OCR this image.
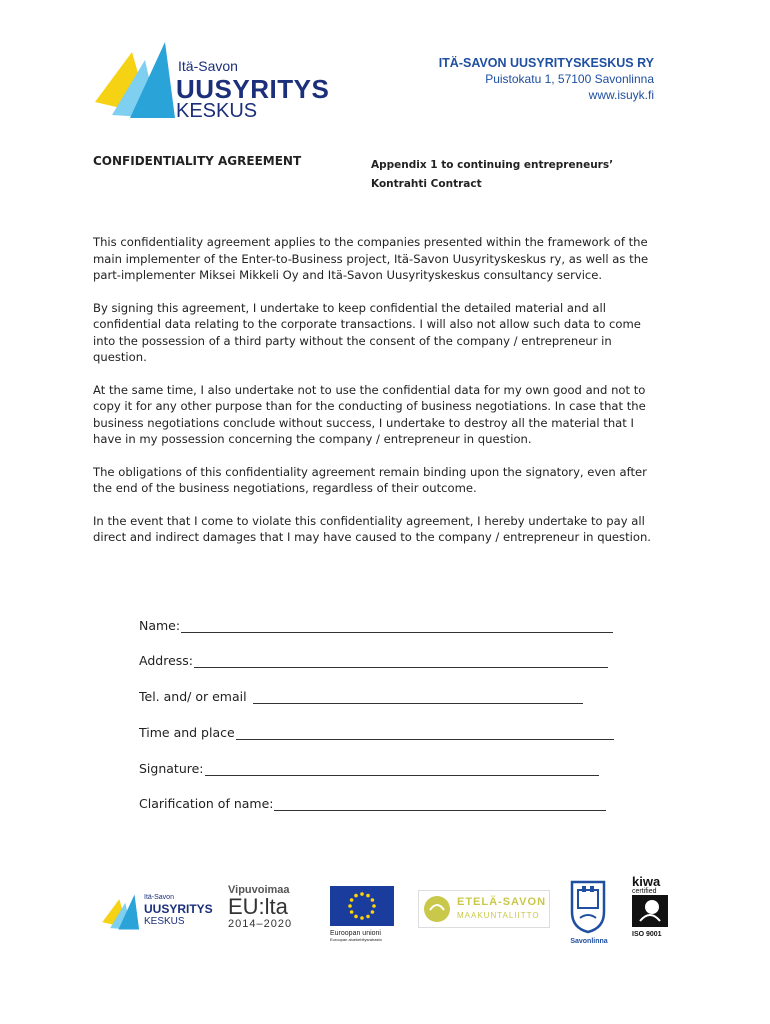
Itä-Savon
UUSYRITYS
KESKUS
ITÄ-SAVON UUSYRITYSKESKUS RY
Puistokatu 1, 57100 Savonlinna
www.isuyk.fi
CONFIDENTIALITY AGREEMENT	Appendix 1 to continuing entrepreneurs’
Kontrahti Contract

This confidentiality agreement applies to the companies presented within the framework of the main implementer of the Enter-to-Business project, Itä-Savon Uusyrityskeskus ry, as well as the part-implementer Miksei Mikkeli Oy and Itä-Savon Uusyrityskeskus consultancy service.

By signing this agreement, I undertake to keep confidential the detailed material and all confidential data relating to the corporate transactions. I will also not allow such data to come into the possession of a third party without the consent of the company / entrepreneur in question.

At the same time, I also undertake not to use the confidential data for my own good and not to copy it for any other purpose than for the conducting of business negotiations. In case that the business negotiations conclude without success, I undertake to destroy all the material that I have in my possession concerning the company / entrepreneur in question.

The obligations of this confidentiality agreement remain binding upon the signatory, even after the end of the business negotiations, regardless of their outcome.

In the event that I come to violate this confidentiality agreement, I hereby undertake to pay all direct and indirect damages that I may have caused to the company / entrepreneur in question.

Name:
Address:
Tel. and/ or email
Time and place
Signature:
Clarification of name:
Itä-Savon
UUSYRITYS
KESKUS
Vipuvoimaa
EU:lta
2014–2020
Euroopan unioni
Euroopan aluekehitysrahasto
ETELÄ-SAVON
MAAKUNTALIITTO
Savonlinna
kiwa
certified
ISO 9001
